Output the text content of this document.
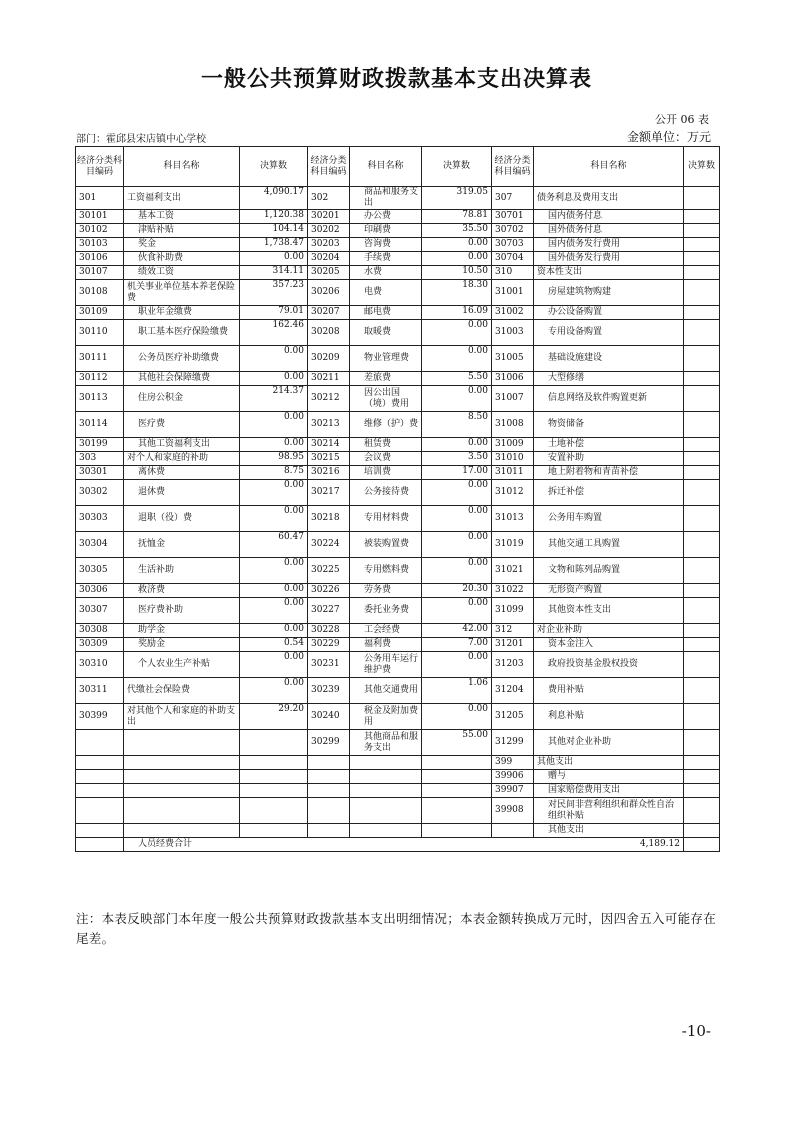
一般公共预算财政拨款基本支出决算表
公开 06 表
部门：霍邱县宋店镇中心学校	金额单位：万元
经济分类科目编码	科目名称	决算数	经济分类科目编码	科目名称	决算数	经济分类科目编码	科目名称	决算数
301	工资福利支出	4,090.17	302	商品和服务支出	319.05	307	债务利息及费用支出	
30101	基本工资	1,120.38	30201	办公费	78.81	30701	国内债务付息	
30102	津贴补贴	104.14	30202	印刷费	35.50	30702	国外债务付息	
30103	奖金	1,738.47	30203	咨询费	0.00	30703	国内债务发行费用	
30106	伙食补助费	0.00	30204	手续费	0.00	30704	国外债务发行费用	
30107	绩效工资	314.11	30205	水费	10.50	310	资本性支出	
30108	机关事业单位基本养老保险费	357.23	30206	电费	18.30	31001	房屋建筑物购建	
30109	职业年金缴费	79.01	30207	邮电费	16.09	31002	办公设备购置	
30110	职工基本医疗保险缴费	162.46	30208	取暖费	0.00	31003	专用设备购置	
30111	公务员医疗补助缴费	0.00	30209	物业管理费	0.00	31005	基础设施建设	
30112	其他社会保障缴费	0.00	30211	差旅费	5.50	31006	大型修缮	
30113	住房公积金	214.37	30212	因公出国（境）费用	0.00	31007	信息网络及软件购置更新	
30114	医疗费	0.00	30213	维修（护）费	8.50	31008	物资储备	
30199	其他工资福利支出	0.00	30214	租赁费	0.00	31009	土地补偿	
303	对个人和家庭的补助	98.95	30215	会议费	3.50	31010	安置补助	
30301	离休费	8.75	30216	培训费	17.00	31011	地上附着物和青苗补偿	
30302	退休费	0.00	30217	公务接待费	0.00	31012	拆迁补偿	
30303	退职（役）费	0.00	30218	专用材料费	0.00	31013	公务用车购置	
30304	抚恤金	60.47	30224	被装购置费	0.00	31019	其他交通工具购置	
30305	生活补助	0.00	30225	专用燃料费	0.00	31021	文物和陈列品购置	
30306	救济费	0.00	30226	劳务费	20.30	31022	无形资产购置	
30307	医疗费补助	0.00	30227	委托业务费	0.00	31099	其他资本性支出	
30308	助学金	0.00	30228	工会经费	42.00	312	对企业补助	
30309	奖励金	0.54	30229	福利费	7.00	31201	资本金注入	
30310	个人农业生产补贴	0.00	30231	公务用车运行维护费	0.00	31203	政府投资基金股权投资	
30311	代缴社会保险费	0.00	30239	其他交通费用	1.06	31204	费用补贴	
30399	对其他个人和家庭的补助支出	29.20	30240	税金及附加费用	0.00	31205	利息补贴	
			30299	其他商品和服务支出	55.00	31299	其他对企业补助	
						399	其他支出	
						39906	赠与	
						39907	国家赔偿费用支出	
						39908	对民间非营利组织和群众性自治组织补贴	
							其他支出	
	人员经费合计 4,189.12							

注：本表反映部门本年度一般公共预算财政拨款基本支出明细情况；本表金额转换成万元时，因四舍五入可能存在尾差。
-10-
